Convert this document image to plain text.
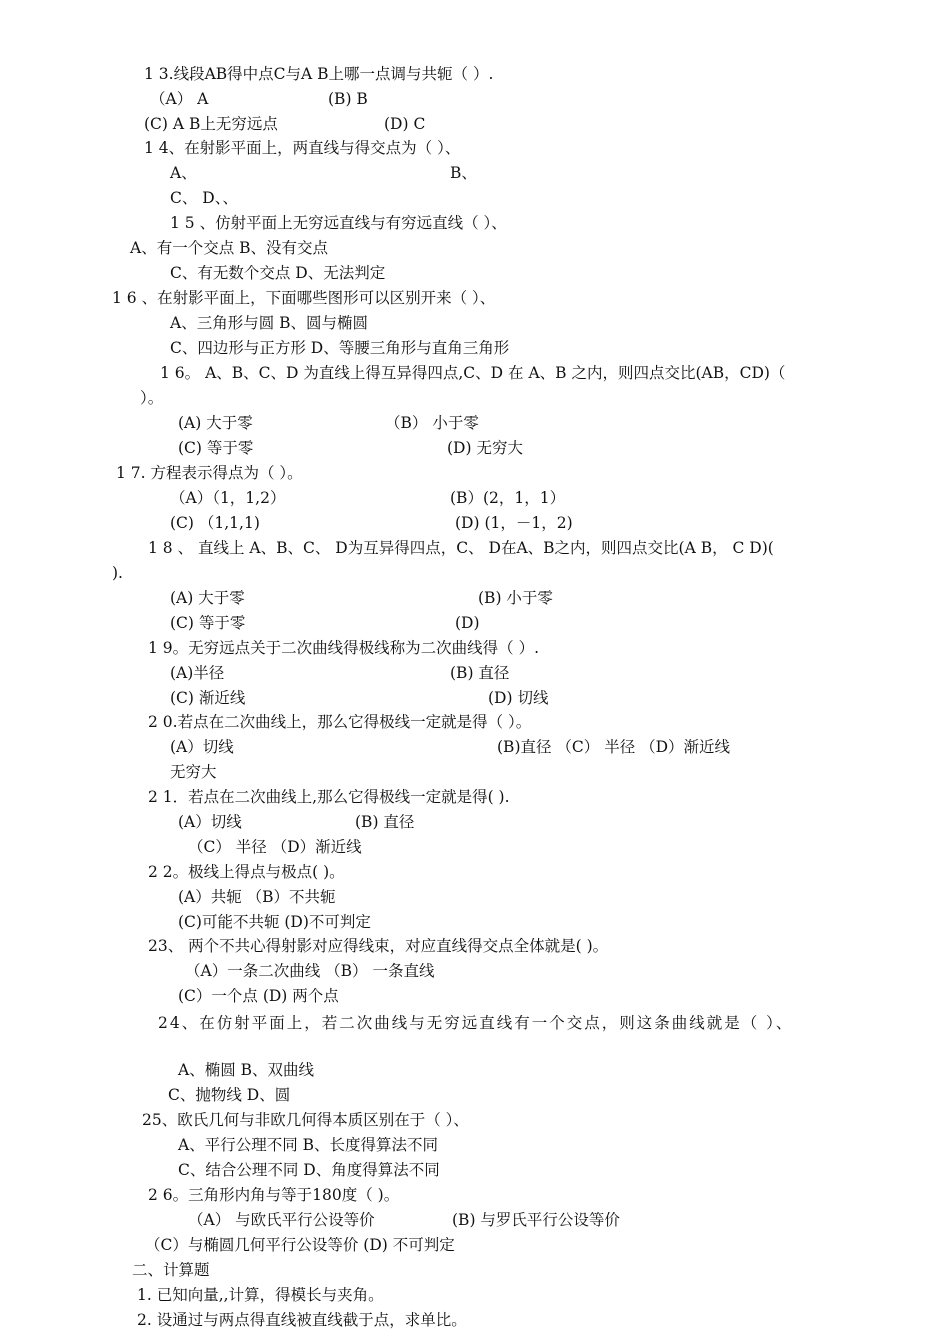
1 3.线段AB得中点C与A B上哪一点调与共轭（ ）.
（A） A	(B) B
(C) A B上无穷远点	(D) C
1 4、在射影平面上，两直线与得交点为（ ）、
A、	B、
C、 D、、
1 5 、仿射平面上无穷远直线与有穷远直线（ ）、
A、有一个交点 B、没有交点
C、有无数个交点 D、无法判定
1 6 、在射影平面上，下面哪些图形可以区别开来（ ）、
A、三角形与圆 B、圆与椭圆
C、四边形与正方形 D、等腰三角形与直角三角形
1 6。 A、B、C、D 为直线上得互异得四点,C、D 在 A、B 之内，则四点交比(AB，CD)（
）。
(A) 大于零	（B） 小于零
(C) 等于零	(D) 无穷大
1 7. 方程表示得点为（ ）。
（A）（1，1,2）	(B）(2，1，1）
(C) （1,1,1)	(D) (1，－1，2)
1 8 、 直线上 A、B、C、 D为互异得四点，C、 D在A、B之内，则四点交比(A B， C D)(
).
(A) 大于零	(B) 小于零
(C) 等于零	(D)
1 9。无穷远点关于二次曲线得极线称为二次曲线得（ ）.
(A)半径	(B) 直径
(C) 渐近线	(D) 切线
2 0.若点在二次曲线上，那么它得极线一定就是得（ ）。
(A）切线	(B)直径 （C） 半径 （D）渐近线
无穷大
2 1．若点在二次曲线上,那么它得极线一定就是得( ).
(A）切线	(B) 直径
（C） 半径 （D）渐近线
2 2。极线上得点与极点( )。
(A）共轭 （B）不共轭
(C)可能不共轭 (D)不可判定
23、 两个不共心得射影对应得线束，对应直线得交点全体就是( )。
（A）一条二次曲线 （B） 一条直线
(C）一个点 (D) 两个点
24、在仿射平面上，若二次曲线与无穷远直线有一个交点，则这条曲线就是（ ）、
A、椭圆 B、双曲线
C、抛物线 D、圆
25、欧氏几何与非欧几何得本质区别在于（ ）、
A、平行公理不同 B、长度得算法不同
C、结合公理不同 D、角度得算法不同
2 6。三角形内角与等于180度（ )。
（A） 与欧氏平行公设等价	(B) 与罗氏平行公设等价
（C）与椭圆几何平行公设等价 (D) 不可判定
二、计算题
1. 已知向量,,计算，得模长与夹角。
2. 设通过与两点得直线被直线截于点，求单比。
